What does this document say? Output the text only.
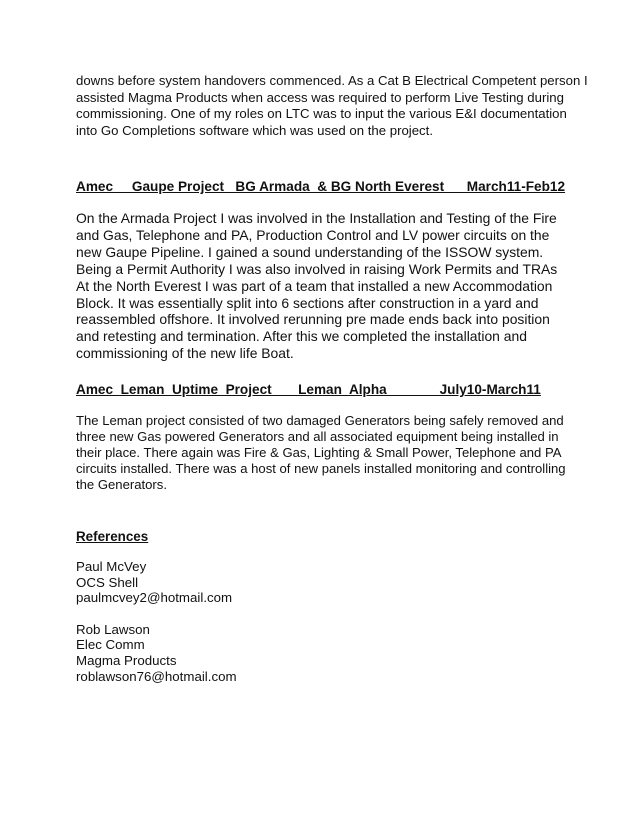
downs before system handovers commenced. As a Cat B Electrical Competent person I
assisted Magma Products when access was required to perform Live Testing during
commissioning. One of my roles on LTC was to input the various E&I documentation
into Go Completions software which was used on the project.
Amec     Gaupe Project   BG Armada  & BG North Everest      March11-Feb12
On the Armada Project I was involved in the Installation and Testing of the Fire
and Gas, Telephone and PA, Production Control and LV power circuits on the
new Gaupe Pipeline. I gained a sound understanding of the ISSOW system.
Being a Permit Authority I was also involved in raising Work Permits and TRAs
At the North Everest I was part of a team that installed a new Accommodation
Block. It was essentially split into 6 sections after construction in a yard and
reassembled offshore. It involved rerunning pre made ends back into position
and retesting and termination. After this we completed the installation and
commissioning of the new life Boat.
Amec  Leman  Uptime  Project       Leman  Alpha              July10-March11
The Leman project consisted of two damaged Generators being safely removed and
three new Gas powered Generators and all associated equipment being installed in
their place. There again was Fire & Gas, Lighting & Small Power, Telephone and PA
circuits installed. There was a host of new panels installed monitoring and controlling
the Generators.
References
Paul McVey
OCS Shell
paulmcvey2@hotmail.com
Rob Lawson
Elec Comm
Magma Products
roblawson76@hotmail.com
